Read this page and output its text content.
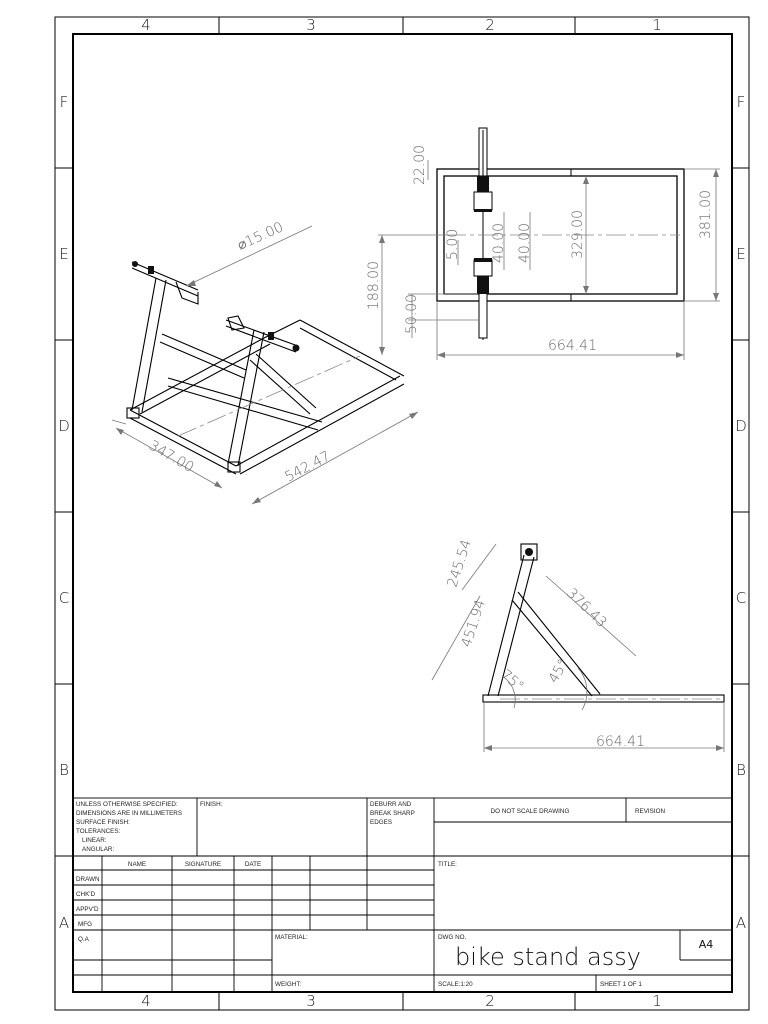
4	3	2	1
4	3	2	1
F
E
D
C
B
A
F
E
D
C
B
A
22.00
381.00
329.00
40.00 40.00
5.00
188.00
50.00
664.41
⌀15.00
347.00	542.47
245.54
451.94	376.43
75° 45°
664.41
UNLESS OTHERWISE SPECIFIED:
DIMENSIONS ARE IN MILLIMETERS
SURFACE FINISH:
TOLERANCES:
LINEAR:
ANGULAR:
FINISH:	DEBURR AND
BREAK SHARP
EDGES
DO NOT SCALE DRAWING	REVISION
NAME	SIGNATURE	DATE
DRAWN
CHK'D
APPV'D
MFG
Q.A
TITLE:
MATERIAL:
WEIGHT:
DWG NO.
SCALE:1:20	SHEET 1 OF 1
bike stand assy	A4
